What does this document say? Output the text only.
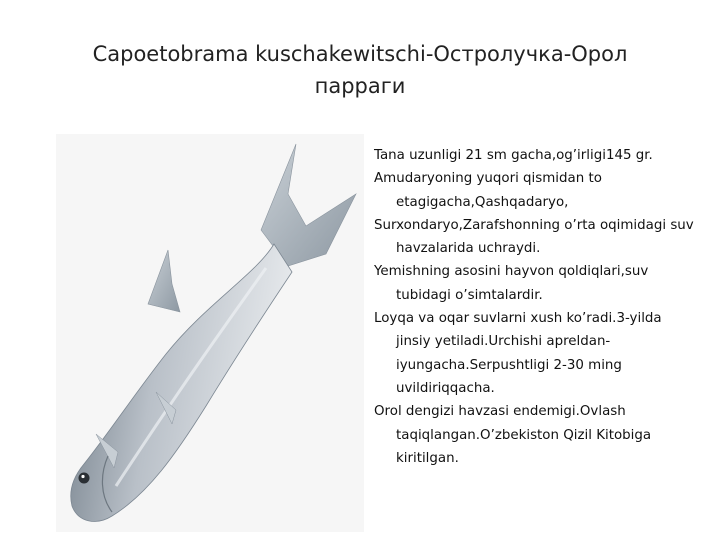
Capoetobrama kuschakewitschi-Остролучка-Орол
парраги

Tana uzunligi 21 sm gacha,og’irligi145 gr.

Amudaryoning yuqori qismidan to etagigacha,Qashqadaryo,

Surxondaryo,Zarafshonning o’rta oqimidagi suv havzalarida uchraydi.

Yemishning asosini hayvon qoldiqlari,suv tubidagi o’simtalardir.

Loyqa va oqar suvlarni xush ko’radi.3-yilda jinsiy yetiladi.Urchishi apreldan-iyungacha.Serpushtligi 2-30 ming uvildiriqqacha.

Orol dengizi havzasi endemigi.Ovlash taqiqlangan.O’zbekiston Qizil Kitobiga kiritilgan.
